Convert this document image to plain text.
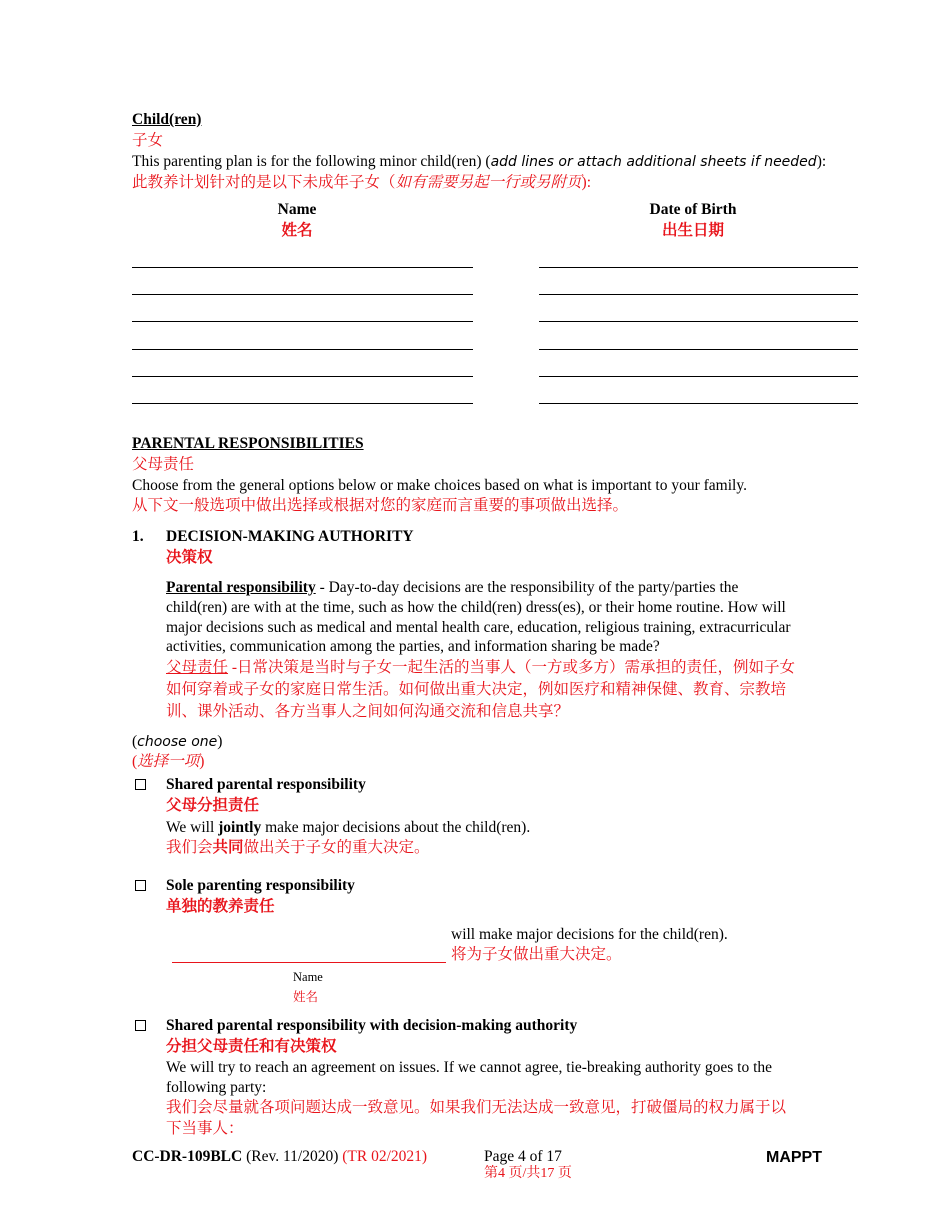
Child(ren)
子女
This parenting plan is for the following minor child(ren) (add lines or attach additional sheets if needed):
此教养计划针对的是以下未成年子女（如有需要另起一行或另附页):
Name
姓名
Date of Birth
出生日期
PARENTAL RESPONSIBILITIES
父母责任
Choose from the general options below or make choices based on what is important to your family.
从下文一般选项中做出选择或根据对您的家庭而言重要的事项做出选择。
1. DECISION-MAKING AUTHORITY
决策权
Parental responsibility - Day-to-day decisions are the responsibility of the party/parties the
child(ren) are with at the time, such as how the child(ren) dress(es), or their home routine. How will
major decisions such as medical and mental health care, education, religious training, extracurricular
activities, communication among the parties, and information sharing be made?
父母责任 -日常决策是当时与子女一起生活的当事人（一方或多方）需承担的责任，例如子女
如何穿着或子女的家庭日常生活。如何做出重大决定，例如医疗和精神保健、教育、宗教培
训、课外活动、各方当事人之间如何沟通交流和信息共享？
(choose one)
(选择一项)
Shared parental responsibility
父母分担责任
We will jointly make major decisions about the child(ren).
我们会共同做出关于子女的重大决定。
Sole parenting responsibility
单独的教养责任
will make major decisions for the child(ren).
将为子女做出重大决定。
Name
姓名
Shared parental responsibility with decision-making authority
分担父母责任和有决策权
We will try to reach an agreement on issues. If we cannot agree, tie-breaking authority goes to the
following party:
我们会尽量就各项问题达成一致意见。如果我们无法达成一致意见，打破僵局的权力属于以
下当事人：
CC-DR-109BLC (Rev. 11/2020) (TR 02/2021)	Page 4 of 17
第4 页/共17 页
MAPPT
